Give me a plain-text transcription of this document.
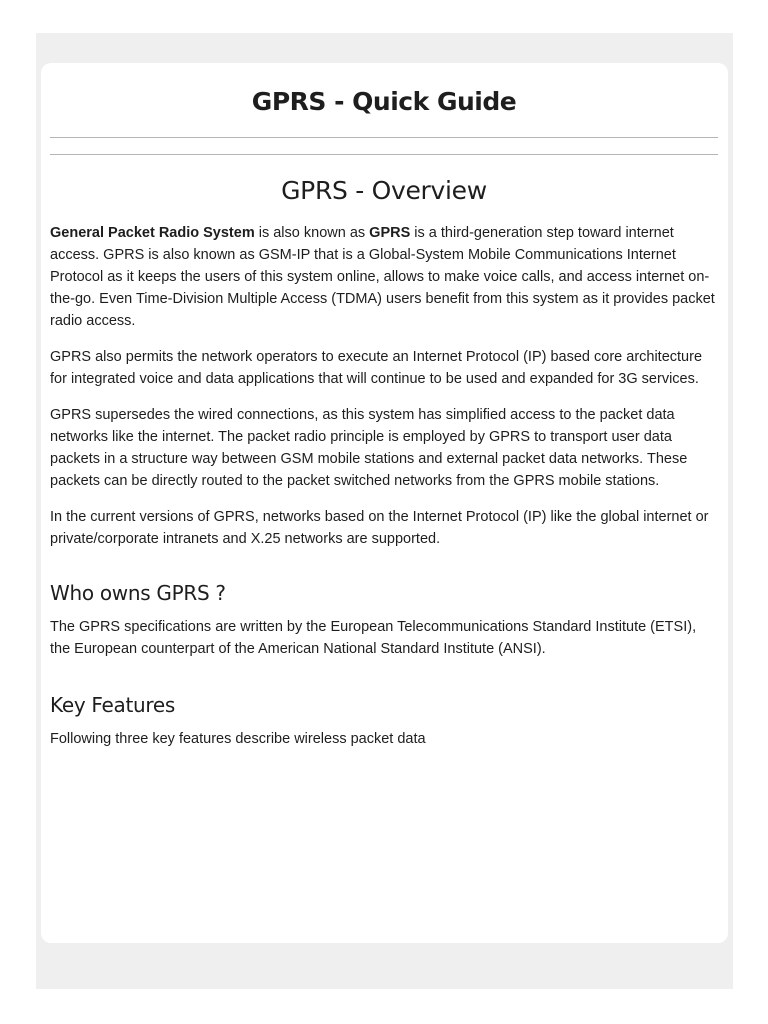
GPRS - Quick Guide
GPRS - Overview

General Packet Radio System is also known as GPRS is a third-generation step toward internet access. GPRS is also known as GSM-IP that is a Global-System Mobile Communications Internet Protocol as it keeps the users of this system online, allows to make voice calls, and access internet on-the-go. Even Time-Division Multiple Access (TDMA) users benefit from this system as it provides packet radio access.

GPRS also permits the network operators to execute an Internet Protocol (IP) based core architecture for integrated voice and data applications that will continue to be used and expanded for 3G services.

GPRS supersedes the wired connections, as this system has simplified access to the packet data networks like the internet. The packet radio principle is employed by GPRS to transport user data packets in a structure way between GSM mobile stations and external packet data networks. These packets can be directly routed to the packet switched networks from the GPRS mobile stations.

In the current versions of GPRS, networks based on the Internet Protocol (IP) like the global internet or private/corporate intranets and X.25 networks are supported.

Who owns GPRS ?

The GPRS specifications are written by the European Telecommunications Standard Institute (ETSI), the European counterpart of the American National Standard Institute (ANSI).

Key Features

Following three key features describe wireless packet data
